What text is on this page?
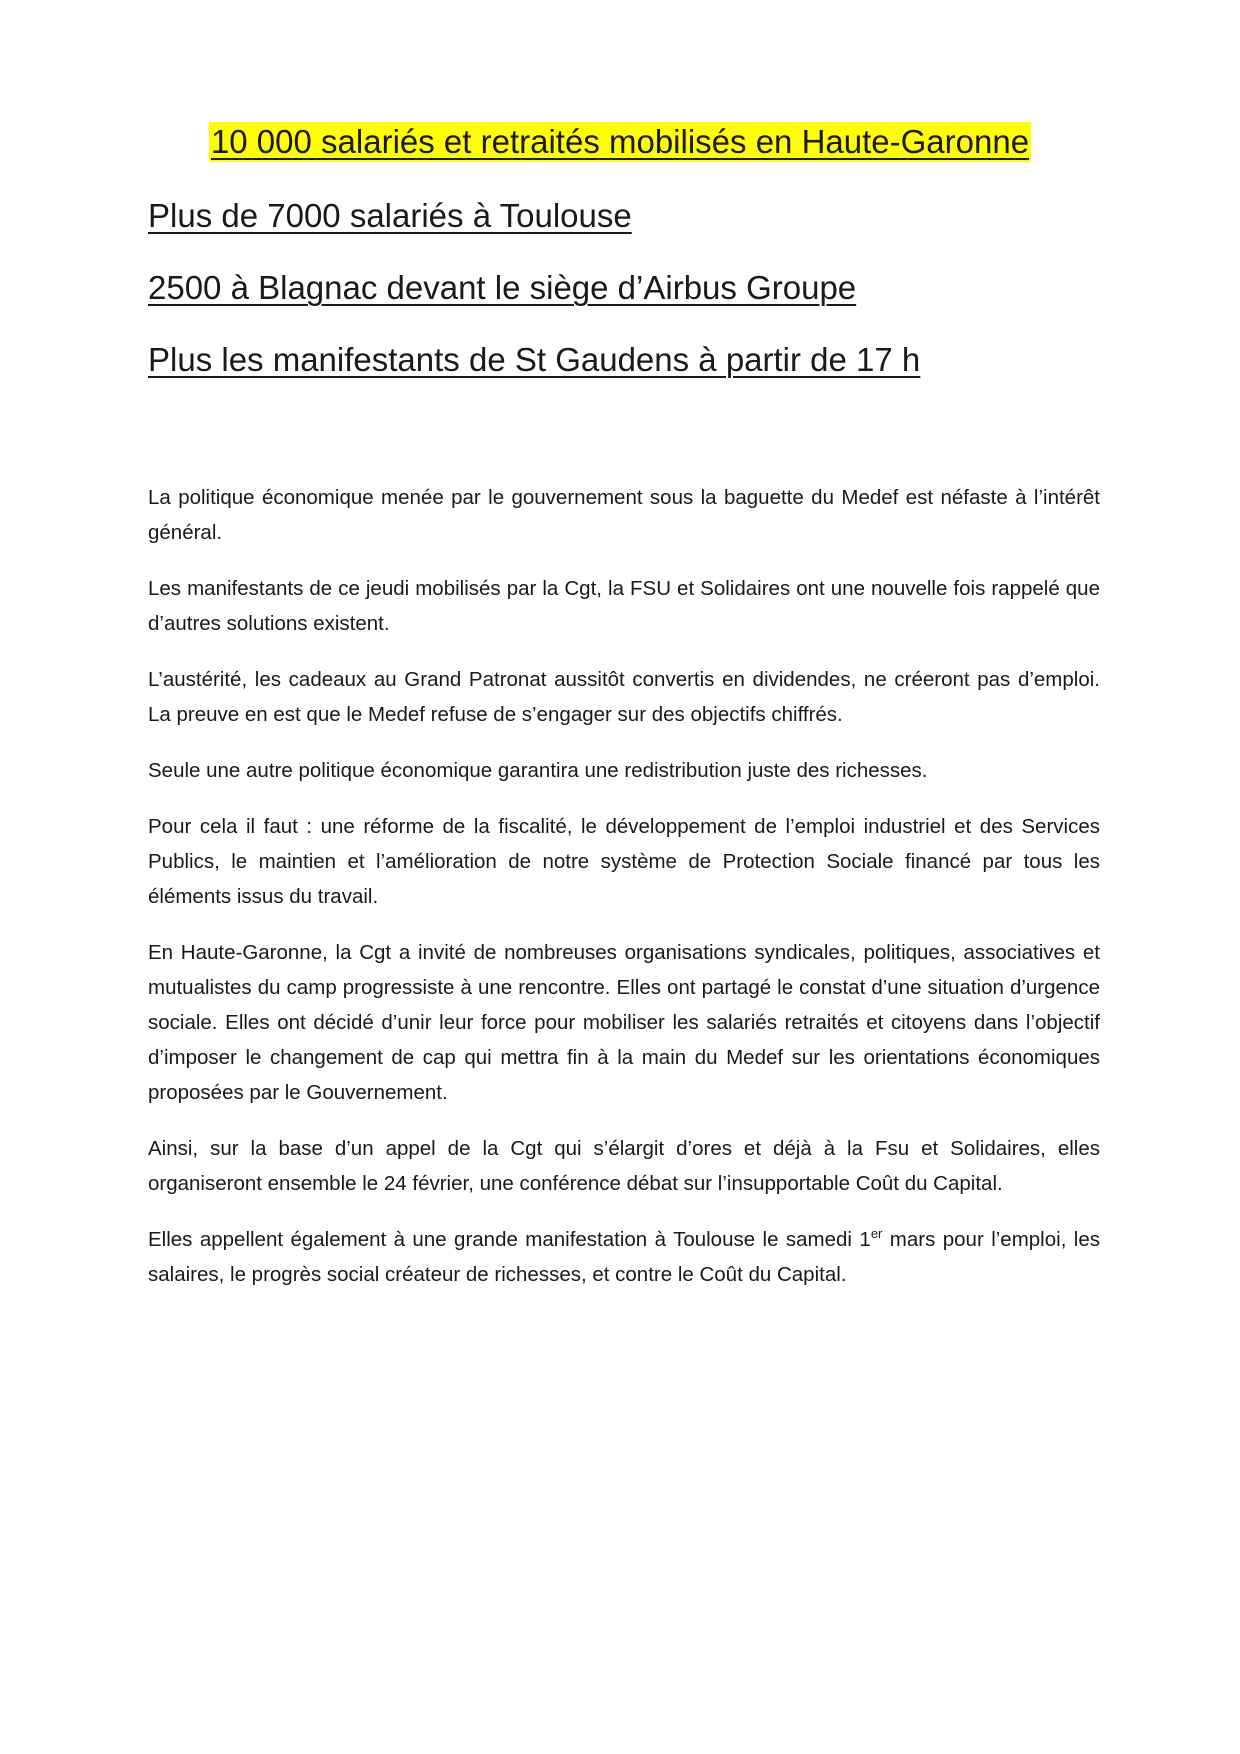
10 000 salariés et retraités mobilisés en Haute-Garonne
Plus de 7000 salariés à Toulouse
2500 à Blagnac devant le siège d’Airbus Groupe
Plus les manifestants de St Gaudens à partir de 17 h

La politique économique menée par le gouvernement sous la baguette du Medef est néfaste à l’intérêt général.

Les manifestants de ce jeudi mobilisés par la Cgt, la FSU et Solidaires ont une nouvelle fois rappelé que d’autres solutions existent.

L’austérité, les cadeaux au Grand Patronat aussitôt convertis en dividendes, ne créeront pas d’emploi. La preuve en est que le Medef refuse de s’engager sur des objectifs chiffrés.

Seule une autre politique économique garantira une redistribution juste des richesses.

Pour cela il faut : une réforme de la fiscalité, le développement de l’emploi industriel et des Services Publics, le maintien et l’amélioration de notre système de Protection Sociale financé par tous les éléments issus du travail.

En Haute-Garonne, la Cgt a invité de nombreuses organisations syndicales, politiques, associatives et mutualistes du camp progressiste à une rencontre. Elles ont partagé le constat d’une situation d’urgence sociale. Elles ont décidé d’unir leur force pour mobiliser les salariés retraités et citoyens dans l’objectif d’imposer le changement de cap qui mettra fin à la main du Medef sur les orientations économiques proposées par le Gouvernement.

Ainsi, sur la base d’un appel de la Cgt qui s’élargit d’ores et déjà à la Fsu et Solidaires, elles organiseront ensemble le 24 février, une conférence débat sur l’insupportable Coût du Capital.

Elles appellent également à une grande manifestation à Toulouse le samedi 1er mars pour l’emploi, les salaires, le progrès social créateur de richesses, et contre le Coût du Capital.
